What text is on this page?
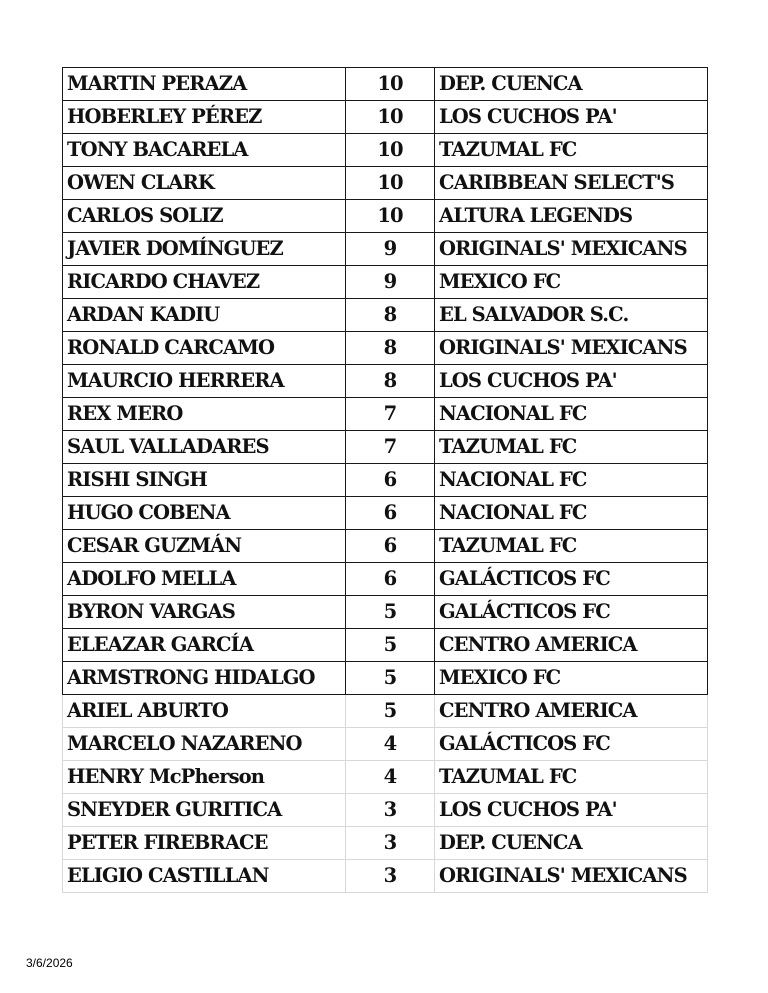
MARTIN PERAZA	10	DEP. CUENCA
HOBERLEY PÉREZ	10	LOS CUCHOS PA'
TONY BACARELA	10	TAZUMAL FC
OWEN CLARK	10	CARIBBEAN SELECT'S
CARLOS SOLIZ	10	ALTURA LEGENDS
JAVIER DOMÍNGUEZ	9	ORIGINALS' MEXICANS
RICARDO CHAVEZ	9	MEXICO FC
ARDAN KADIU	8	EL SALVADOR S.C.
RONALD CARCAMO	8	ORIGINALS' MEXICANS
MAURCIO HERRERA	8	LOS CUCHOS PA'
REX MERO	7	NACIONAL FC
SAUL VALLADARES	7	TAZUMAL FC
RISHI SINGH	6	NACIONAL FC
HUGO COBENA	6	NACIONAL FC
CESAR GUZMÁN	6	TAZUMAL FC
ADOLFO MELLA	6	GALÁCTICOS FC
BYRON VARGAS	5	GALÁCTICOS FC
ELEAZAR GARCÍA	5	CENTRO AMERICA
ARMSTRONG HIDALGO	5	MEXICO FC
ARIEL ABURTO	5	CENTRO AMERICA
MARCELO NAZARENO	4	GALÁCTICOS FC
HENRY McPherson	4	TAZUMAL FC
SNEYDER GURITICA	3	LOS CUCHOS PA'
PETER FIREBRACE	3	DEP. CUENCA
ELIGIO CASTILLAN	3	ORIGINALS' MEXICANS
3/6/2026
